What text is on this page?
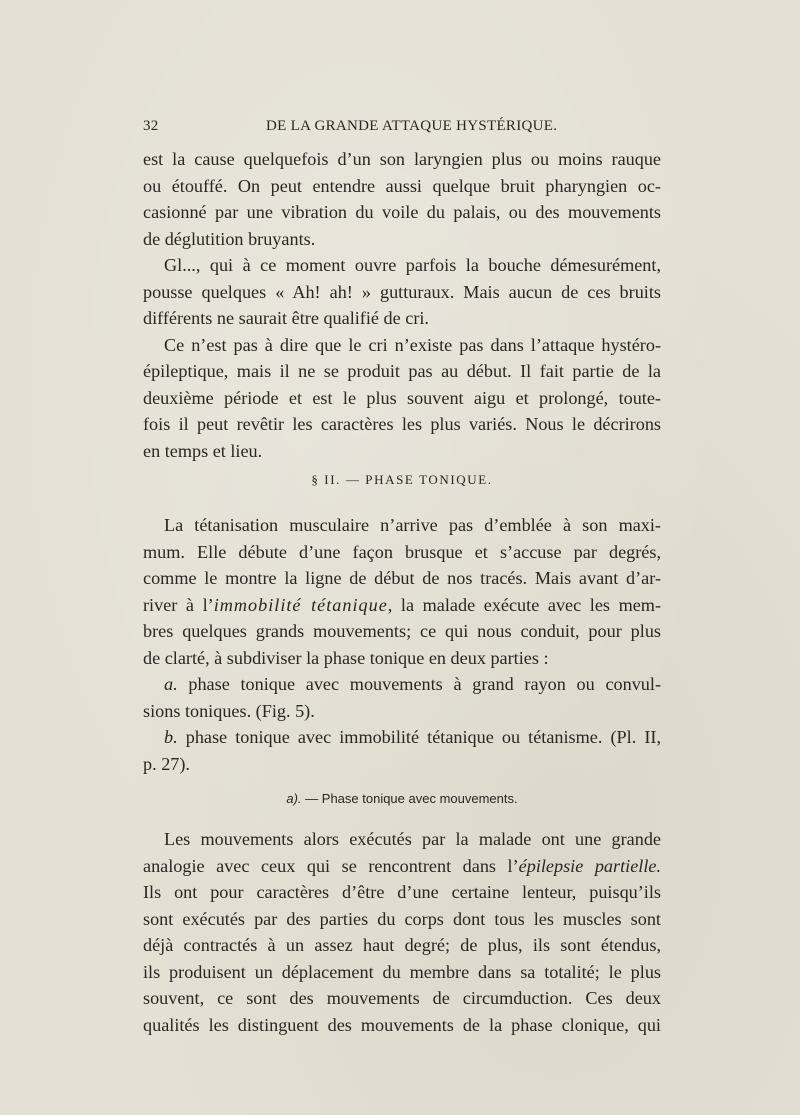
32	DE LA GRANDE ATTAQUE HYSTÉRIQUE.
est la cause quelquefois d’un son laryngien plus ou moins rauque
ou étouffé. On peut entendre aussi quelque bruit pharyngien oc-
casionné par une vibration du voile du palais, ou des mouvements
de déglutition bruyants.
Gl..., qui à ce moment ouvre parfois la bouche démesurément,
pousse quelques « Ah! ah! » gutturaux. Mais aucun de ces bruits
différents ne saurait être qualifié de cri.
Ce n’est pas à dire que le cri n’existe pas dans l’attaque hystéro-
épileptique, mais il ne se produit pas au début. Il fait partie de la
deuxième période et est le plus souvent aigu et prolongé, toute-
fois il peut revêtir les caractères les plus variés. Nous le décrirons
en temps et lieu.
§ II. — PHASE TONIQUE.
La tétanisation musculaire n’arrive pas d’emblée à son maxi-
mum. Elle débute d’une façon brusque et s’accuse par degrés,
comme le montre la ligne de début de nos tracés. Mais avant d’ar-
river à l’immobilité tétanique, la malade exécute avec les mem-
bres quelques grands mouvements; ce qui nous conduit, pour plus
de clarté, à subdiviser la phase tonique en deux parties :
a. phase tonique avec mouvements à grand rayon ou convul-
sions toniques. (Fig. 5).
b. phase tonique avec immobilité tétanique ou tétanisme. (Pl. II,
p. 27).
a). — Phase tonique avec mouvements.
Les mouvements alors exécutés par la malade ont une grande
analogie avec ceux qui se rencontrent dans l’épilepsie partielle.
Ils ont pour caractères d’être d’une certaine lenteur, puisqu’ils
sont exécutés par des parties du corps dont tous les muscles sont
déjà contractés à un assez haut degré; de plus, ils sont étendus,
ils produisent un déplacement du membre dans sa totalité; le plus
souvent, ce sont des mouvements de circumduction. Ces deux
qualités les distinguent des mouvements de la phase clonique, qui
